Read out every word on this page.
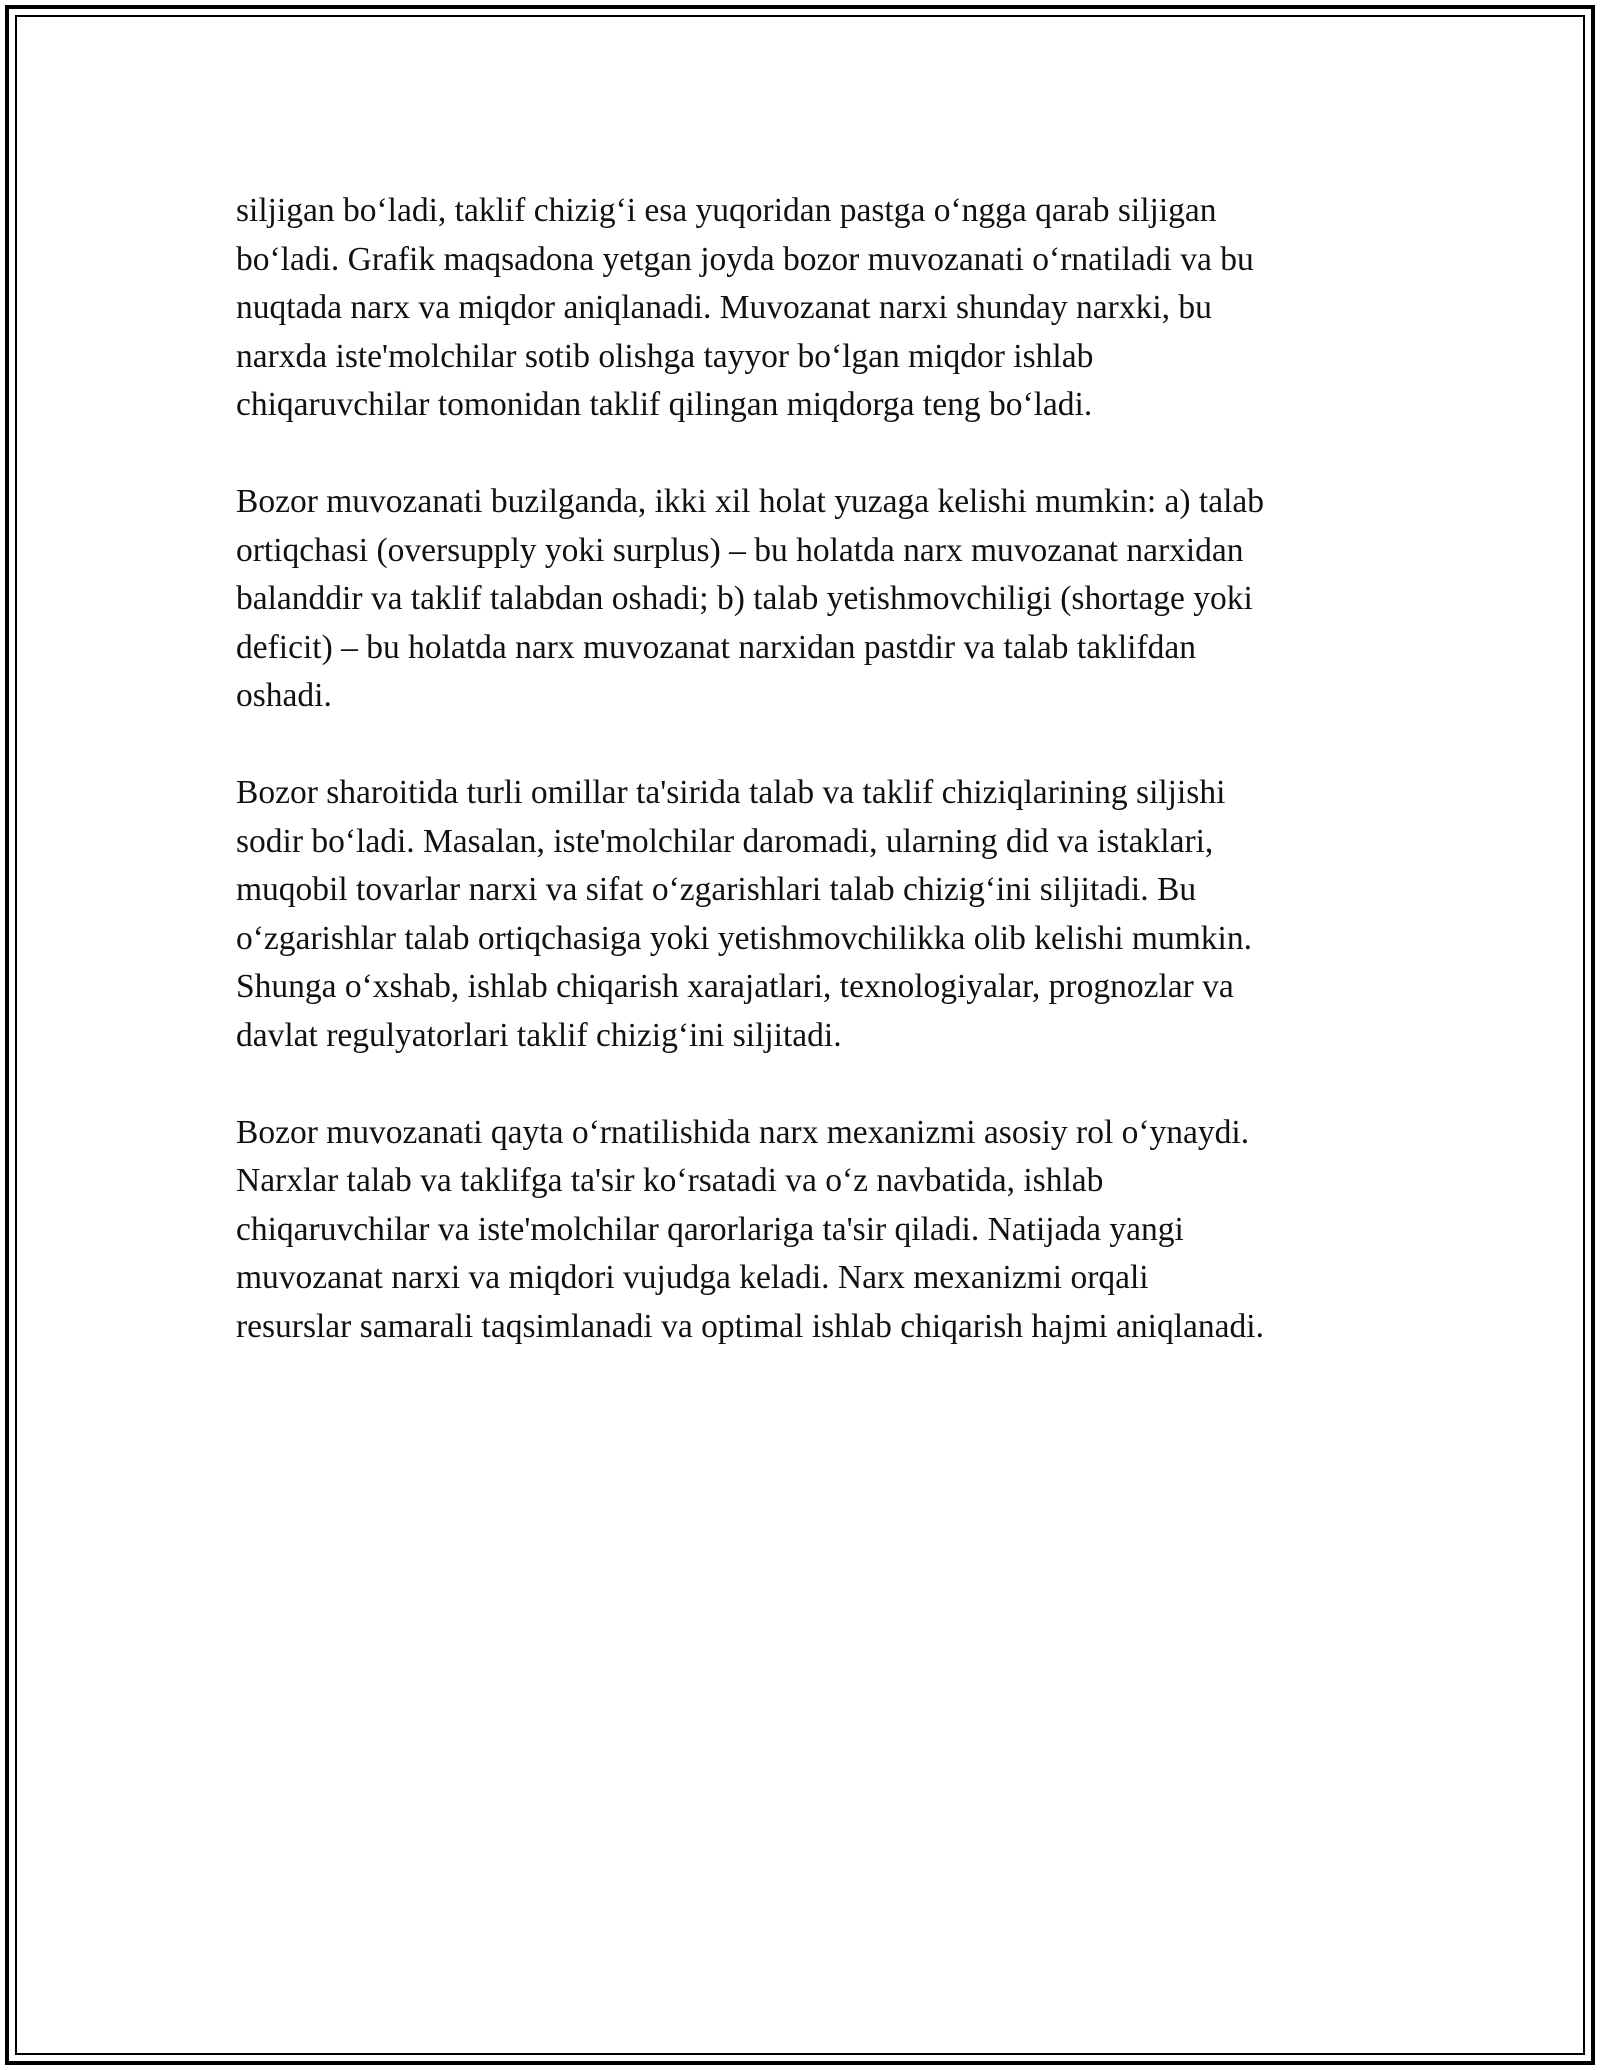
siljigan bo‘ladi, taklif chizig‘i esa yuqoridan pastga o‘ngga qarab siljigan
bo‘ladi. Grafik maqsadona yetgan joyda bozor muvozanati o‘rnatiladi va bu
nuqtada narx va miqdor aniqlanadi. Muvozanat narxi shunday narxki, bu
narxda iste'molchilar sotib olishga tayyor bo‘lgan miqdor ishlab
chiqaruvchilar tomonidan taklif qilingan miqdorga teng bo‘ladi.

Bozor muvozanati buzilganda, ikki xil holat yuzaga kelishi mumkin: a) talab
ortiqchasi (oversupply yoki surplus) – bu holatda narx muvozanat narxidan
balanddir va taklif talabdan oshadi; b) talab yetishmovchiligi (shortage yoki
deficit) – bu holatda narx muvozanat narxidan pastdir va talab taklifdan
oshadi.

Bozor sharoitida turli omillar ta'sirida talab va taklif chiziqlarining siljishi
sodir bo‘ladi. Masalan, iste'molchilar daromadi, ularning did va istaklari,
muqobil tovarlar narxi va sifat o‘zgarishlari talab chizig‘ini siljitadi. Bu
o‘zgarishlar talab ortiqchasiga yoki yetishmovchilikka olib kelishi mumkin.
Shunga o‘xshab, ishlab chiqarish xarajatlari, texnologiyalar, prognozlar va
davlat regulyatorlari taklif chizig‘ini siljitadi.

Bozor muvozanati qayta o‘rnatilishida narx mexanizmi asosiy rol o‘ynaydi.
Narxlar talab va taklifga ta'sir ko‘rsatadi va o‘z navbatida, ishlab
chiqaruvchilar va iste'molchilar qarorlariga ta'sir qiladi. Natijada yangi
muvozanat narxi va miqdori vujudga keladi. Narx mexanizmi orqali
resurslar samarali taqsimlanadi va optimal ishlab chiqarish hajmi aniqlanadi.
